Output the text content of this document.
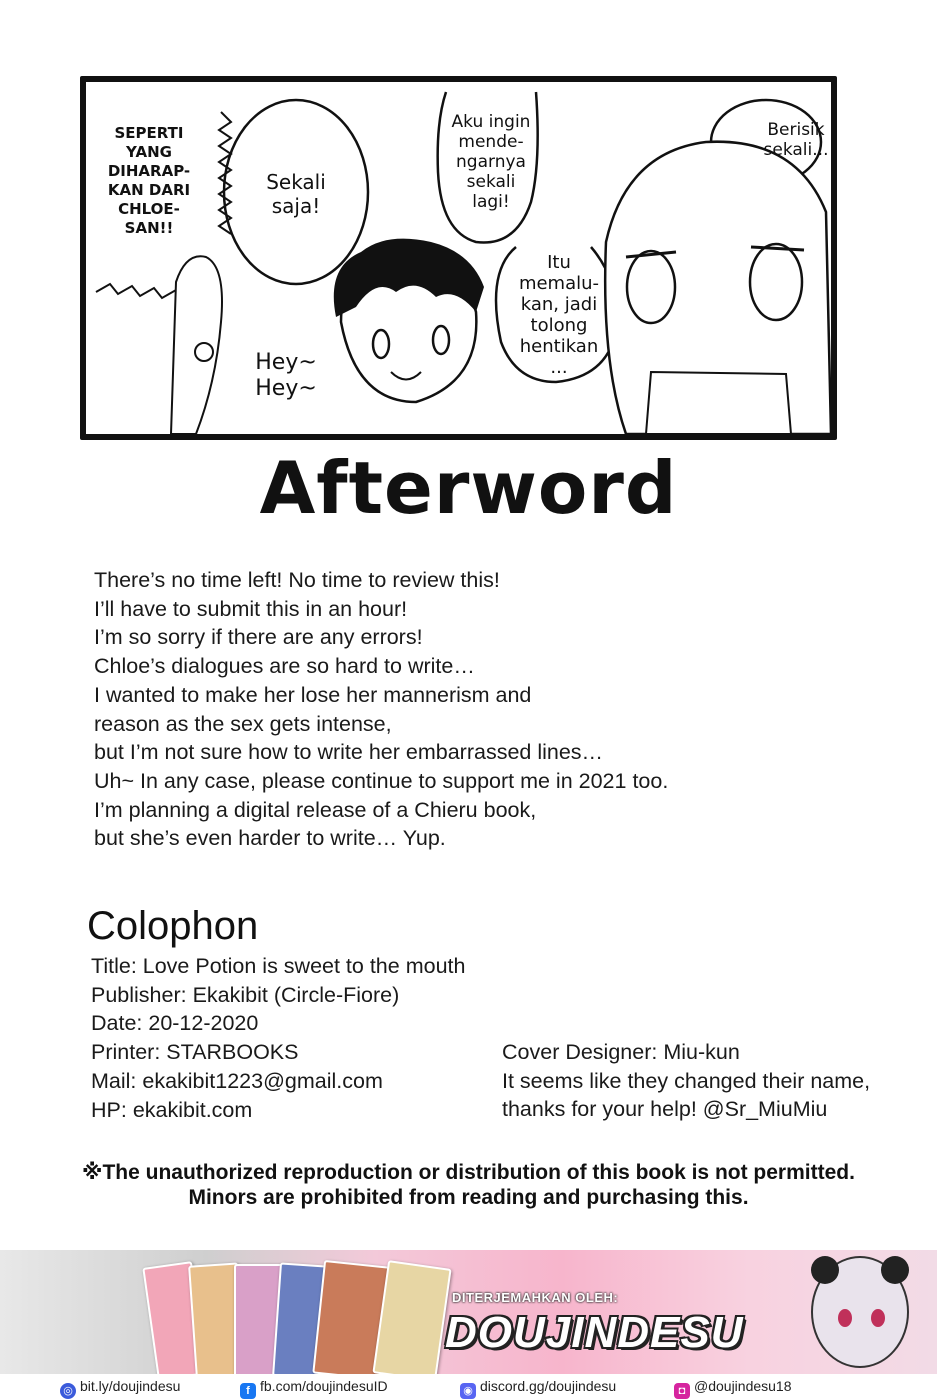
SEPERTI
YANG
DIHARAP-
KAN DARI
CHLOE-
SAN!!
Sekali
saja!
Aku ingin
mende-
ngarnya
sekali
lagi!
Berisik
sekali...
Itu
memalu-
kan, jadi
tolong
hentikan
...
Hey~
Hey~
Afterword
There’s no time left! No time to review this!
I’ll have to submit this in an hour!
I’m so sorry if there are any errors!
Chloe’s dialogues are so hard to write…
I wanted to make her lose her mannerism and
reason as the sex gets intense,
but I’m not sure how to write her embarrassed lines…
Uh~ In any case, please continue to support me in 2021 too.
I’m planning a digital release of a Chieru book,
but she’s even harder to write… Yup.
Colophon
Title: Love Potion is sweet to the mouth
Publisher: Ekakibit (Circle-Fiore)
Date: 20-12-2020
Printer: STARBOOKS
Mail: ekakibit1223@gmail.com
HP: ekakibit.com
Cover Designer: Miu-kun
It seems like they changed their name,
thanks for your help! @Sr_MiuMiu
※The unauthorized reproduction or distribution of this book is not permitted.
Minors are prohibited from reading and purchasing this.
DITERJEMAHKAN OLEH:
DOUJINDESU
◎ bit.ly/doujindesu	f fb.com/doujindesuID	◉ discord.gg/doujindesu	◘ @doujindesu18
